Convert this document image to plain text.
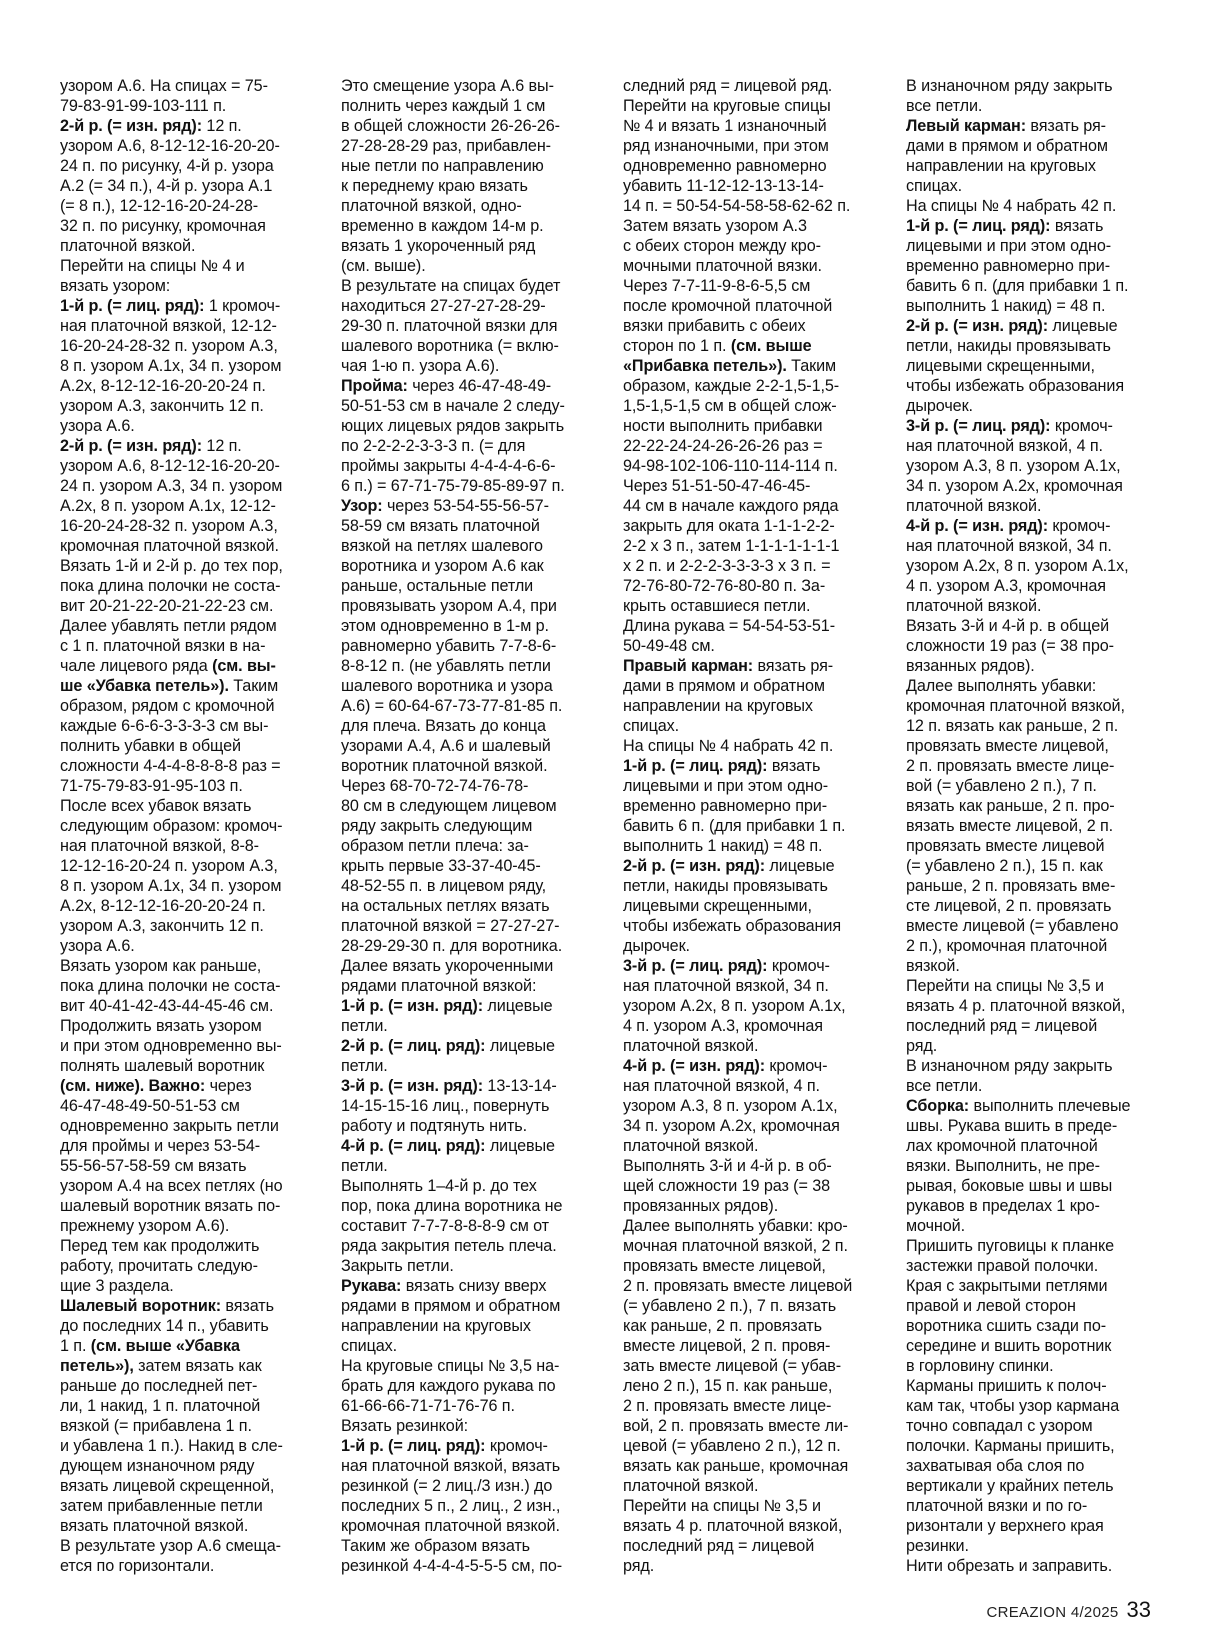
узором А.6. На спицах = 75-
79-83-91-99-103-111 п.
2-й р. (= изн. ряд): 12 п.
узором А.6, 8-12-12-16-20-20-
24 п. по рисунку, 4-й р. узора
А.2 (= 34 п.), 4-й р. узора А.1
(= 8 п.), 12-12-16-20-24-28-
32 п. по рисунку, кромочная
платочной вязкой.
Перейти на спицы № 4 и
вязать узором:
1-й р. (= лиц. ряд): 1 кромоч-
ная платочной вязкой, 12-12-
16-20-24-28-32 п. узором А.3,
8 п. узором А.1х, 34 п. узором
А.2х, 8-12-12-16-20-20-24 п.
узором А.3, закончить 12 п.
узора А.6.
2-й р. (= изн. ряд): 12 п.
узором А.6, 8-12-12-16-20-20-
24 п. узором А.3, 34 п. узором
А.2х, 8 п. узором А.1х, 12-12-
16-20-24-28-32 п. узором А.3,
кромочная платочной вязкой.
Вязать 1-й и 2-й р. до тех пор,
пока длина полочки не соста-
вит 20-21-22-20-21-22-23 см.
Далее убавлять петли рядом
с 1 п. платочной вязки в на-
чале лицевого ряда (см. вы-
ше «Убавка петель»). Таким
образом, рядом с кромочной
каждые 6-6-6-3-3-3-3 см вы-
полнить убавки в общей
сложности 4-4-4-8-8-8-8 раз =
71-75-79-83-91-95-103 п.
После всех убавок вязать
следующим образом: кромоч-
ная платочной вязкой, 8-8-
12-12-16-20-24 п. узором А.3,
8 п. узором А.1х, 34 п. узором
А.2х, 8-12-12-16-20-20-24 п.
узором А.3, закончить 12 п.
узора А.6.
Вязать узором как раньше,
пока длина полочки не соста-
вит 40-41-42-43-44-45-46 см.
Продолжить вязать узором
и при этом одновременно вы-
полнять шалевый воротник
(см. ниже). Важно: через
46-47-48-49-50-51-53 см
одновременно закрыть петли
для проймы и через 53-54-
55-56-57-58-59 см вязать
узором А.4 на всех петлях (но
шалевый воротник вязать по-
прежнему узором А.6).
Перед тем как продолжить
работу, прочитать следую-
щие 3 раздела.
Шалевый воротник: вязать
до последних 14 п., убавить
1 п. (см. выше «Убавка
петель»), затем вязать как
раньше до последней пет-
ли, 1 накид, 1 п. платочной
вязкой (= прибавлена 1 п.
и убавлена 1 п.). Накид в сле-
дующем изнаночном ряду
вязать лицевой скрещенной,
затем прибавленные петли
вязать платочной вязкой.
В результате узор А.6 смеща-
ется по горизонтали.
Это смещение узора А.6 вы-
полнить через каждый 1 см
в общей сложности 26-26-26-
27-28-28-29 раз, прибавлен-
ные петли по направлению
к переднему краю вязать
платочной вязкой, одно-
временно в каждом 14-м р.
вязать 1 укороченный ряд
(см. выше).
В результате на спицах будет
находиться 27-27-27-28-29-
29-30 п. платочной вязки для
шалевого воротника (= вклю-
чая 1-ю п. узора А.6).
Пройма: через 46-47-48-49-
50-51-53 см в начале 2 следу-
ющих лицевых рядов закрыть
по 2-2-2-2-3-3-3 п. (= для
проймы закрыты 4-4-4-4-6-6-
6 п.) = 67-71-75-79-85-89-97 п.
Узор: через 53-54-55-56-57-
58-59 см вязать платочной
вязкой на петлях шалевого
воротника и узором А.6 как
раньше, остальные петли
провязывать узором А.4, при
этом одновременно в 1-м р.
равномерно убавить 7-7-8-6-
8-8-12 п. (не убавлять петли
шалевого воротника и узора
А.6) = 60-64-67-73-77-81-85 п.
для плеча. Вязать до конца
узорами А.4, А.6 и шалевый
воротник платочной вязкой.
Через 68-70-72-74-76-78-
80 см в следующем лицевом
ряду закрыть следующим
образом петли плеча: за-
крыть первые 33-37-40-45-
48-52-55 п. в лицевом ряду,
на остальных петлях вязать
платочной вязкой = 27-27-27-
28-29-29-30 п. для воротника.
Далее вязать укороченными
рядами платочной вязкой:
1-й р. (= изн. ряд): лицевые
петли.
2-й р. (= лиц. ряд): лицевые
петли.
3-й р. (= изн. ряд): 13-13-14-
14-15-15-16 лиц., повернуть
работу и подтянуть нить.
4-й р. (= лиц. ряд): лицевые
петли.
Выполнять 1–4-й р. до тех
пор, пока длина воротника не
составит 7-7-7-8-8-8-9 см от
ряда закрытия петель плеча.
Закрыть петли.
Рукава: вязать снизу вверх
рядами в прямом и обратном
направлении на круговых
спицах.
На круговые спицы № 3,5 на-
брать для каждого рукава по
61-66-66-71-71-76-76 п.
Вязать резинкой:
1-й р. (= лиц. ряд): кромоч-
ная платочной вязкой, вязать
резинкой (= 2 лиц./3 изн.) до
последних 5 п., 2 лиц., 2 изн.,
кромочная платочной вязкой.
Таким же образом вязать
резинкой 4-4-4-4-5-5-5 см, по-
следний ряд = лицевой ряд.
Перейти на круговые спицы
№ 4 и вязать 1 изнаночный
ряд изнаночными, при этом
одновременно равномерно
убавить 11-12-12-13-13-14-
14 п. = 50-54-54-58-58-62-62 п.
Затем вязать узором А.3
с обеих сторон между кро-
мочными платочной вязки.
Через 7-7-11-9-8-6-5,5 см
после кромочной платочной
вязки прибавить с обеих
сторон по 1 п. (см. выше
«Прибавка петель»). Таким
образом, каждые 2-2-1,5-1,5-
1,5-1,5-1,5 см в общей слож-
ности выполнить прибавки
22-22-24-24-26-26-26 раз =
94-98-102-106-110-114-114 п.
Через 51-51-50-47-46-45-
44 см в начале каждого ряда
закрыть для оката 1-1-1-2-2-
2-2 х 3 п., затем 1-1-1-1-1-1-1
х 2 п. и 2-2-2-3-3-3-3 х 3 п. =
72-76-80-72-76-80-80 п. За-
крыть оставшиеся петли.
Длина рукава = 54-54-53-51-
50-49-48 см.
Правый карман: вязать ря-
дами в прямом и обратном
направлении на круговых
спицах.
На спицы № 4 набрать 42 п.
1-й р. (= лиц. ряд): вязать
лицевыми и при этом одно-
временно равномерно при-
бавить 6 п. (для прибавки 1 п.
выполнить 1 накид) = 48 п.
2-й р. (= изн. ряд): лицевые
петли, накиды провязывать
лицевыми скрещенными,
чтобы избежать образования
дырочек.
3-й р. (= лиц. ряд): кромоч-
ная платочной вязкой, 34 п.
узором А.2х, 8 п. узором А.1х,
4 п. узором А.3, кромочная
платочной вязкой.
4-й р. (= изн. ряд): кромоч-
ная платочной вязкой, 4 п.
узором А.3, 8 п. узором А.1х,
34 п. узором А.2х, кромочная
платочной вязкой.
Выполнять 3-й и 4-й р. в об-
щей сложности 19 раз (= 38
провязанных рядов).
Далее выполнять убавки: кро-
мочная платочной вязкой, 2 п.
провязать вместе лицевой,
2 п. провязать вместе лицевой
(= убавлено 2 п.), 7 п. вязать
как раньше, 2 п. провязать
вместе лицевой, 2 п. провя-
зать вместе лицевой (= убав-
лено 2 п.), 15 п. как раньше,
2 п. провязать вместе лице-
вой, 2 п. провязать вместе ли-
цевой (= убавлено 2 п.), 12 п.
вязать как раньше, кромочная
платочной вязкой.
Перейти на спицы № 3,5 и
вязать 4 р. платочной вязкой,
последний ряд = лицевой
ряд.
В изнаночном ряду закрыть
все петли.
Левый карман: вязать ря-
дами в прямом и обратном
направлении на круговых
спицах.
На спицы № 4 набрать 42 п.
1-й р. (= лиц. ряд): вязать
лицевыми и при этом одно-
временно равномерно при-
бавить 6 п. (для прибавки 1 п.
выполнить 1 накид) = 48 п.
2-й р. (= изн. ряд): лицевые
петли, накиды провязывать
лицевыми скрещенными,
чтобы избежать образования
дырочек.
3-й р. (= лиц. ряд): кромоч-
ная платочной вязкой, 4 п.
узором А.3, 8 п. узором А.1х,
34 п. узором А.2х, кромочная
платочной вязкой.
4-й р. (= изн. ряд): кромоч-
ная платочной вязкой, 34 п.
узором А.2х, 8 п. узором А.1х,
4 п. узором А.3, кромочная
платочной вязкой.
Вязать 3-й и 4-й р. в общей
сложности 19 раз (= 38 про-
вязанных рядов).
Далее выполнять убавки:
кромочная платочной вязкой,
12 п. вязать как раньше, 2 п.
провязать вместе лицевой,
2 п. провязать вместе лице-
вой (= убавлено 2 п.), 7 п.
вязать как раньше, 2 п. про-
вязать вместе лицевой, 2 п.
провязать вместе лицевой
(= убавлено 2 п.), 15 п. как
раньше, 2 п. провязать вме-
сте лицевой, 2 п. провязать
вместе лицевой (= убавлено
2 п.), кромочная платочной
вязкой.
Перейти на спицы № 3,5 и
вязать 4 р. платочной вязкой,
последний ряд = лицевой
ряд.
В изнаночном ряду закрыть
все петли.
Сборка: выполнить плечевые
швы. Рукава вшить в преде-
лах кромочной платочной
вязки. Выполнить, не пре-
рывая, боковые швы и швы
рукавов в пределах 1 кро-
мочной.
Пришить пуговицы к планке
застежки правой полочки.
Края с закрытыми петлями
правой и левой сторон
воротника сшить сзади по-
середине и вшить воротник
в горловину спинки.
Карманы пришить к полоч-
кам так, чтобы узор кармана
точно совпадал с узором
полочки. Карманы пришить,
захватывая оба слоя по
вертикали у крайних петель
платочной вязки и по го-
ризонтали у верхнего края
резинки.
Нити обрезать и заправить.
CREAZION 4/2025 33
